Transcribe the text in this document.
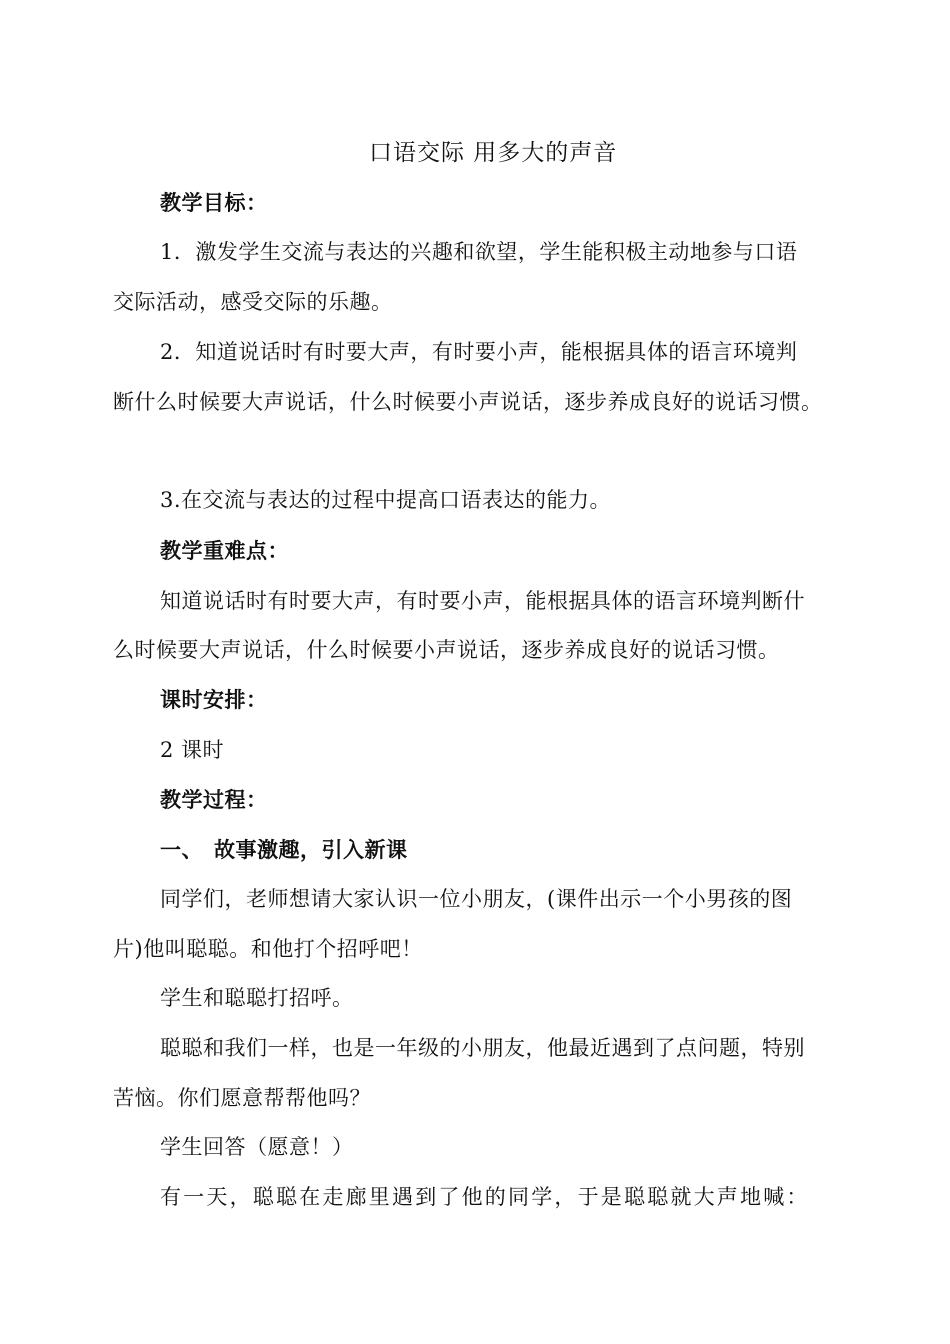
口语交际 用多大的声音
教学目标：
1．激发学生交流与表达的兴趣和欲望，学生能积极主动地参与口语
交际活动，感受交际的乐趣。
2．知道说话时有时要大声，有时要小声，能根据具体的语言环境判
断什么时候要大声说话，什么时候要小声说话，逐步养成良好的说话习惯。
3.在交流与表达的过程中提高口语表达的能力。
教学重难点：
知道说话时有时要大声，有时要小声，能根据具体的语言环境判断什
么时候要大声说话，什么时候要小声说话，逐步养成良好的说话习惯。
课时安排：
2 课时
教学过程：
一、　故事激趣，引入新课
同学们，老师想请大家认识一位小朋友，(课件出示一个小男孩的图
片)他叫聪聪。和他打个招呼吧！
学生和聪聪打招呼。
聪聪和我们一样，也是一年级的小朋友，他最近遇到了点问题，特别
苦恼。你们愿意帮帮他吗？
学生回答（愿意！）
有一天，聪聪在走廊里遇到了他的同学，于是聪聪就大声地喊：
